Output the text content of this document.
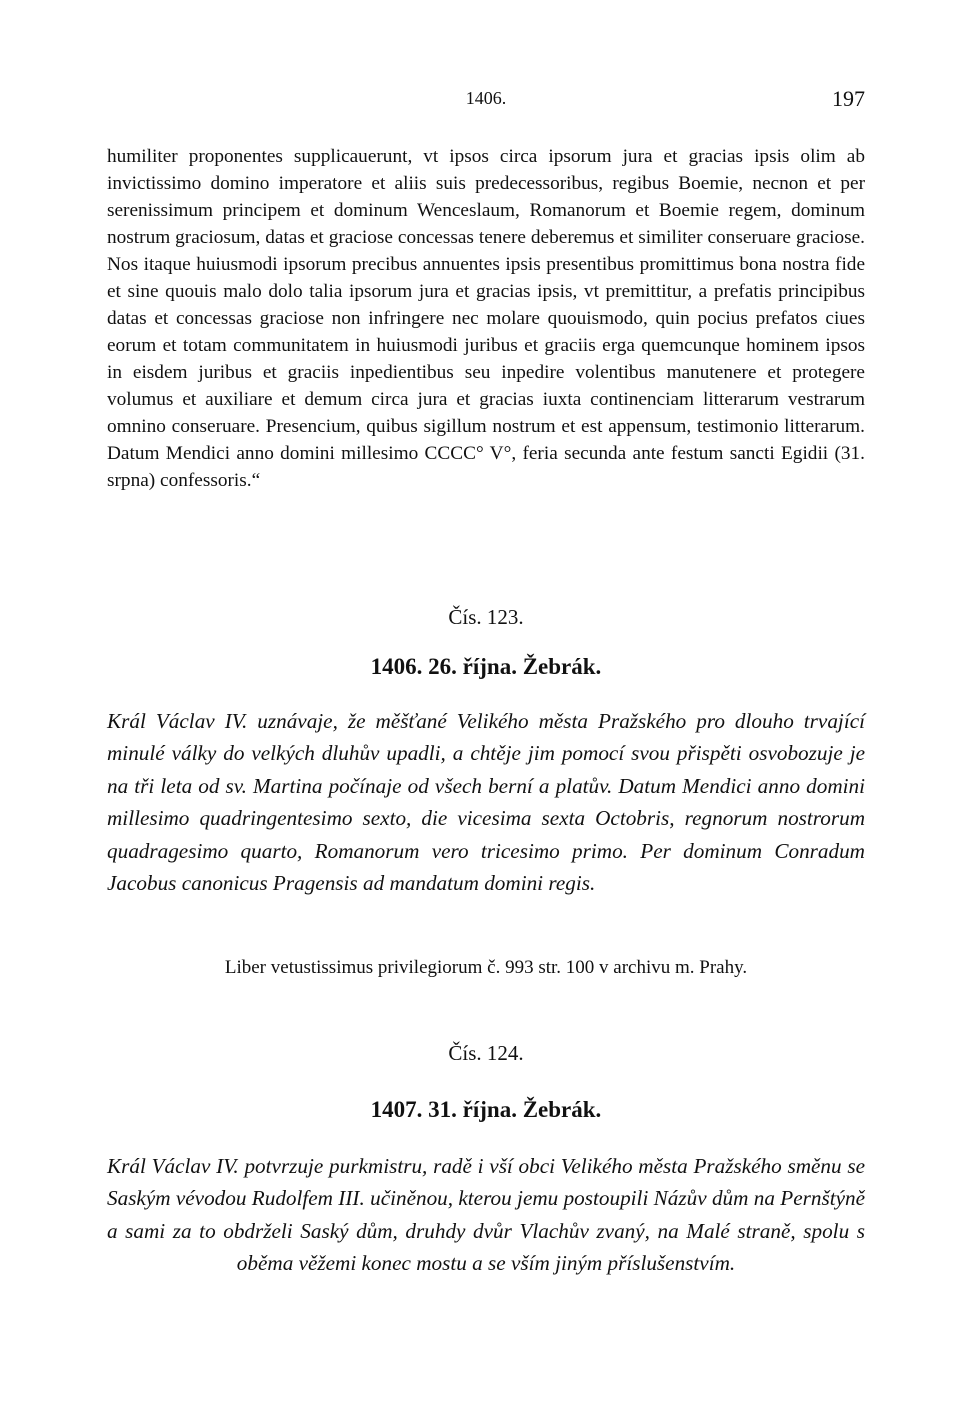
1406.	197

humiliter proponentes supplicauerunt, vt ipsos circa ipsorum jura et gracias ipsis olim ab invictissimo domino imperatore et aliis suis predecessoribus, regibus Boemie, necnon et per serenissimum principem et dominum Wenceslaum, Romanorum et Boemie regem, dominum nostrum graciosum, datas et graciose concessas tenere deberemus et similiter conseruare graciose. Nos itaque huiusmodi ipsorum precibus annuentes ipsis presentibus promittimus bona nostra fide et sine quouis malo dolo talia ipsorum jura et gracias ipsis, vt premittitur, a prefatis principibus datas et concessas graciose non infringere nec molare quouismodo, quin pocius prefatos ciues eorum et totam communitatem in huiusmodi juribus et graciis erga quemcunque hominem ipsos in eisdem juribus et graciis inpedientibus seu inpedire volentibus manutenere et protegere volumus et auxiliare et demum circa jura et gracias iuxta continenciam litterarum vestrarum omnino conseruare. Presencium, quibus sigillum nostrum et est appensum, testimonio litterarum. Datum Mendici anno domini millesimo CCCC° V°, feria secunda ante festum sancti Egidii (31. srpna) confessoris.“

Čís. 123.
1406. 26. října. Žebrák.

Král Václav IV. uznávaje, že měšťané Velikého města Pražského pro dlouho trvající minulé války do velkých dluhův upadli, a chtěje jim pomocí svou přispěti osvobozuje je na tři leta od sv. Martina počínaje od všech berní a platův. Datum Mendici anno domini millesimo quadringentesimo sexto, die vicesima sexta Octobris, regnorum nostrorum quadragesimo quarto, Romanorum vero tricesimo primo. Per dominum Conradum Jacobus canonicus Pragensis ad mandatum domini regis.

Liber vetustissimus privilegiorum č. 993 str. 100 v archivu m. Prahy.
Čís. 124.
1407. 31. října. Žebrák.

Král Václav IV. potvrzuje purkmistru, radě i vší obci Velikého města Pražského směnu se Saským vévodou Rudolfem III. učiněnou, kterou jemu postoupili Názův dům na Pernštýně a sami za to obdrželi Saský dům, druhdy dvůr Vlachův zvaný, na Malé straně, spolu s oběma věžemi konec mostu a se vším jiným příslušenstvím.
